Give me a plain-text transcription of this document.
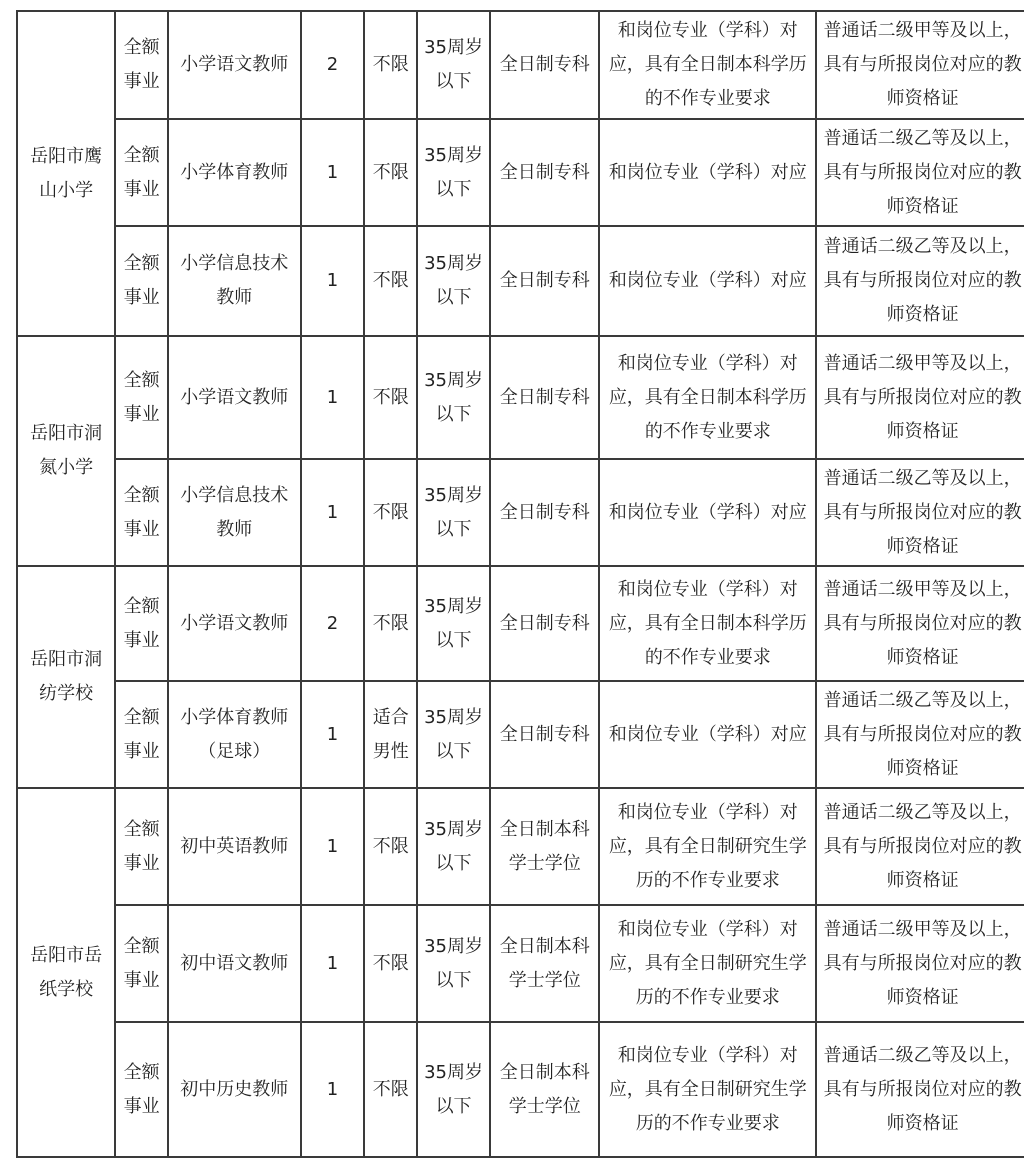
岳阳市鹰山小学	全额事业	小学语文教师	2	不限	35周岁以下	全日制专科	和岗位专业（学科）对应，具有全日制本科学历的不作专业要求	普通话二级甲等及以上，具有与所报岗位对应的教师资格证
	全额事业	小学体育教师	1	不限	35周岁以下	全日制专科	和岗位专业（学科）对应	普通话二级乙等及以上，具有与所报岗位对应的教师资格证
	全额事业	小学信息技术教师	1	不限	35周岁以下	全日制专科	和岗位专业（学科）对应	普通话二级乙等及以上，具有与所报岗位对应的教师资格证
岳阳市洞氮小学	全额事业	小学语文教师	1	不限	35周岁以下	全日制专科	和岗位专业（学科）对应，具有全日制本科学历的不作专业要求	普通话二级甲等及以上，具有与所报岗位对应的教师资格证
	全额事业	小学信息技术教师	1	不限	35周岁以下	全日制专科	和岗位专业（学科）对应	普通话二级乙等及以上，具有与所报岗位对应的教师资格证
岳阳市洞纺学校	全额事业	小学语文教师	2	不限	35周岁以下	全日制专科	和岗位专业（学科）对应，具有全日制本科学历的不作专业要求	普通话二级甲等及以上，具有与所报岗位对应的教师资格证
	全额事业	小学体育教师（足球）	1	适合男性	35周岁以下	全日制专科	和岗位专业（学科）对应	普通话二级乙等及以上，具有与所报岗位对应的教师资格证
岳阳市岳纸学校	全额事业	初中英语教师	1	不限	35周岁以下	全日制本科学士学位	和岗位专业（学科）对应，具有全日制研究生学历的不作专业要求	普通话二级乙等及以上，具有与所报岗位对应的教师资格证
	全额事业	初中语文教师	1	不限	35周岁以下	全日制本科学士学位	和岗位专业（学科）对应，具有全日制研究生学历的不作专业要求	普通话二级甲等及以上，具有与所报岗位对应的教师资格证
	全额事业	初中历史教师	1	不限	35周岁以下	全日制本科学士学位	和岗位专业（学科）对应，具有全日制研究生学历的不作专业要求	普通话二级乙等及以上，具有与所报岗位对应的教师资格证
